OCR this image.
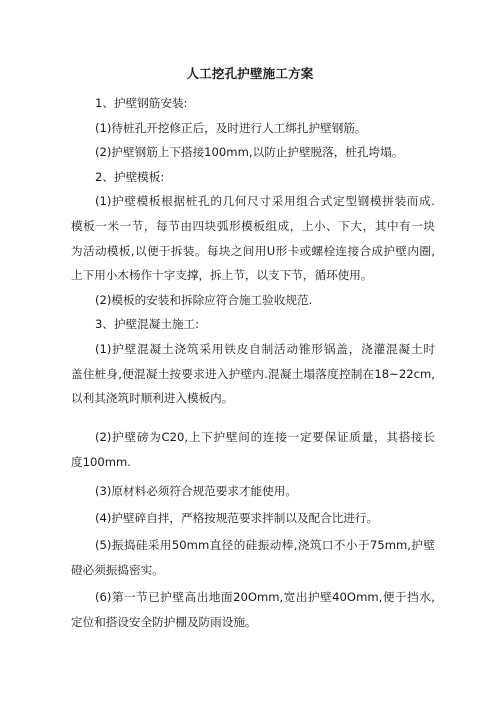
人工挖孔护壁施工方案
1、护壁钢筋安装:
(1)待桩孔开挖修正后，及时进行人工绑扎护壁钢筋。
(2)护壁钢筋上下搭接100mm,以防止护壁脱落，桩孔垮塌。
2、护壁模板:
(1)护壁模板根据桩孔的几何尺寸采用组合式定型钢模拼装而成.
模板一米一节，每节由四块弧形模板组成，上小、下大，其中有一块
为活动模板,以便于拆装。每块之间用U形卡或螺栓连接合成护壁内圈,
上下用小木杨作十字支撑，拆上节，以支下节，循环使用。
(2)模板的安装和拆除应符合施工验收规范.
3、护壁混凝土施工:
(1)护壁混凝土浇筑采用铁皮自制活动锥形锅盖，浇灌混凝土时
盖住桩身,便混凝土按要求进入护壁内.混凝土塌落度控制在18~22cm,
以利其浇筑时顺利进入模板内。
(2)护壁磅为C20,上下护壁间的连接一定要保证质量，其搭接长
度100mm.
(3)原材料必须符合规范要求才能使用。
(4)护壁碎自拌，严格按规范要求拌制以及配合比进行。
(5)振捣硅采用50mm直径的硅振动棒,浇筑口不小于75mm,护壁
磴必须振捣密实。
(6)第一节已护壁高出地面20Omm,宽出护壁40Omm,便于挡水,
定位和搭设安全防护棚及防雨设施。
